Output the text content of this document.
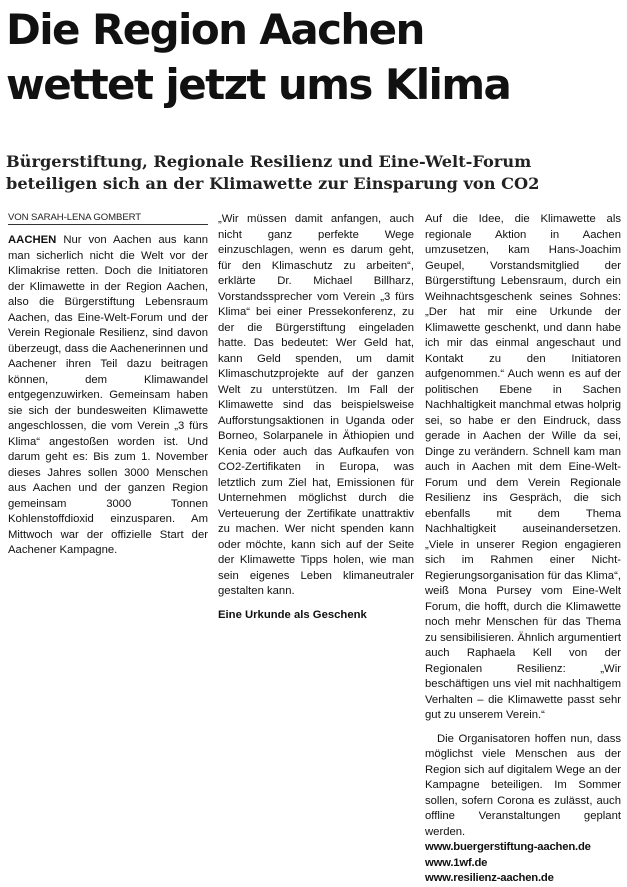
Die Region Aachen
wettet jetzt ums Klima
Bürgerstiftung, Regionale Resilienz und Eine-Welt-Forum
beteiligen sich an der Klimawette zur Einsparung von CO2
VON SARAH-LENA GOMBERT

AACHEN Nur von Aachen aus kann man sicherlich nicht die Welt vor der Klimakrise retten. Doch die Initiatoren der Klimawette in der Region Aachen, also die Bürgerstiftung Lebensraum Aachen, das Eine-Welt-Forum und der Verein Regionale Resilienz, sind davon überzeugt, dass die Aachenerinnen und Aachener ihren Teil dazu beitragen können, dem Klimawandel entgegenzuwirken. Gemeinsam haben sie sich der bundesweiten Klimawette angeschlossen, die vom Verein „3 fürs Klima“ angestoßen worden ist. Und darum geht es: Bis zum 1. November dieses Jahres sollen 3000 Menschen aus Aachen und der ganzen Region gemeinsam 3000 Tonnen Kohlenstoffdioxid einzusparen. Am Mittwoch war der offizielle Start der Aachener Kampagne.

„Wir müssen damit anfangen, auch nicht ganz perfekte Wege einzuschlagen, wenn es darum geht, für den Klimaschutz zu arbeiten“, erklärte Dr. Michael Billharz, Vorstandssprecher vom Verein „3 fürs Klima“ bei einer Pressekonferenz, zu der die Bürgerstiftung eingeladen hatte. Das bedeutet: Wer Geld hat, kann Geld spenden, um damit Klimaschutzprojekte auf der ganzen Welt zu unterstützen. Im Fall der Klimawette sind das beispielsweise Aufforstungsaktionen in Uganda oder Borneo, Solarpanele in Äthiopien und Kenia oder auch das Aufkaufen von CO2-Zertifikaten in Europa, was letztlich zum Ziel hat, Emissionen für Unternehmen möglichst durch die Verteuerung der Zertifikate unattraktiv zu machen. Wer nicht spenden kann oder möchte, kann sich auf der Seite der Klimawette Tipps holen, wie man sein eigenes Leben klimaneutraler gestalten kann.

Eine Urkunde als Geschenk

Auf die Idee, die Klimawette als regionale Aktion in Aachen umzusetzen, kam Hans-Joachim Geupel, Vorstandsmitglied der Bürgerstiftung Lebensraum, durch ein Weihnachtsgeschenk seines Sohnes: „Der hat mir eine Urkunde der Klimawette geschenkt, und dann habe ich mir das einmal angeschaut und Kontakt zu den Initiatoren aufgenommen.“ Auch wenn es auf der politischen Ebene in Sachen Nachhaltigkeit manchmal etwas holprig sei, so habe er den Eindruck, dass gerade in Aachen der Wille da sei, Dinge zu verändern. Schnell kam man auch in Aachen mit dem Eine-Welt-Forum und dem Verein Regionale Resilienz ins Gespräch, die sich ebenfalls mit dem Thema Nachhaltigkeit auseinandersetzen. „Viele in unserer Region engagieren sich im Rahmen einer Nicht-Regierungsorganisation für das Klima“, weiß Mona Pursey vom Eine-Welt Forum, die hofft, durch die Klimawette noch mehr Menschen für das Thema zu sensibilisieren. Ähnlich argumentiert auch Raphaela Kell von der Regionalen Resilienz: „Wir beschäftigen uns viel mit nachhaltigem Verhalten – die Klimawette passt sehr gut zu unserem Verein.“

Die Organisatoren hoffen nun, dass möglichst viele Menschen aus der Region sich auf digitalem Wege an der Kampagne beteiligen. Im Sommer sollen, sofern Corona es zulässt, auch offline Veranstaltungen geplant werden.

www.buergerstiftung-aachen.de
www.1wf.de
www.resilienz-aachen.de
